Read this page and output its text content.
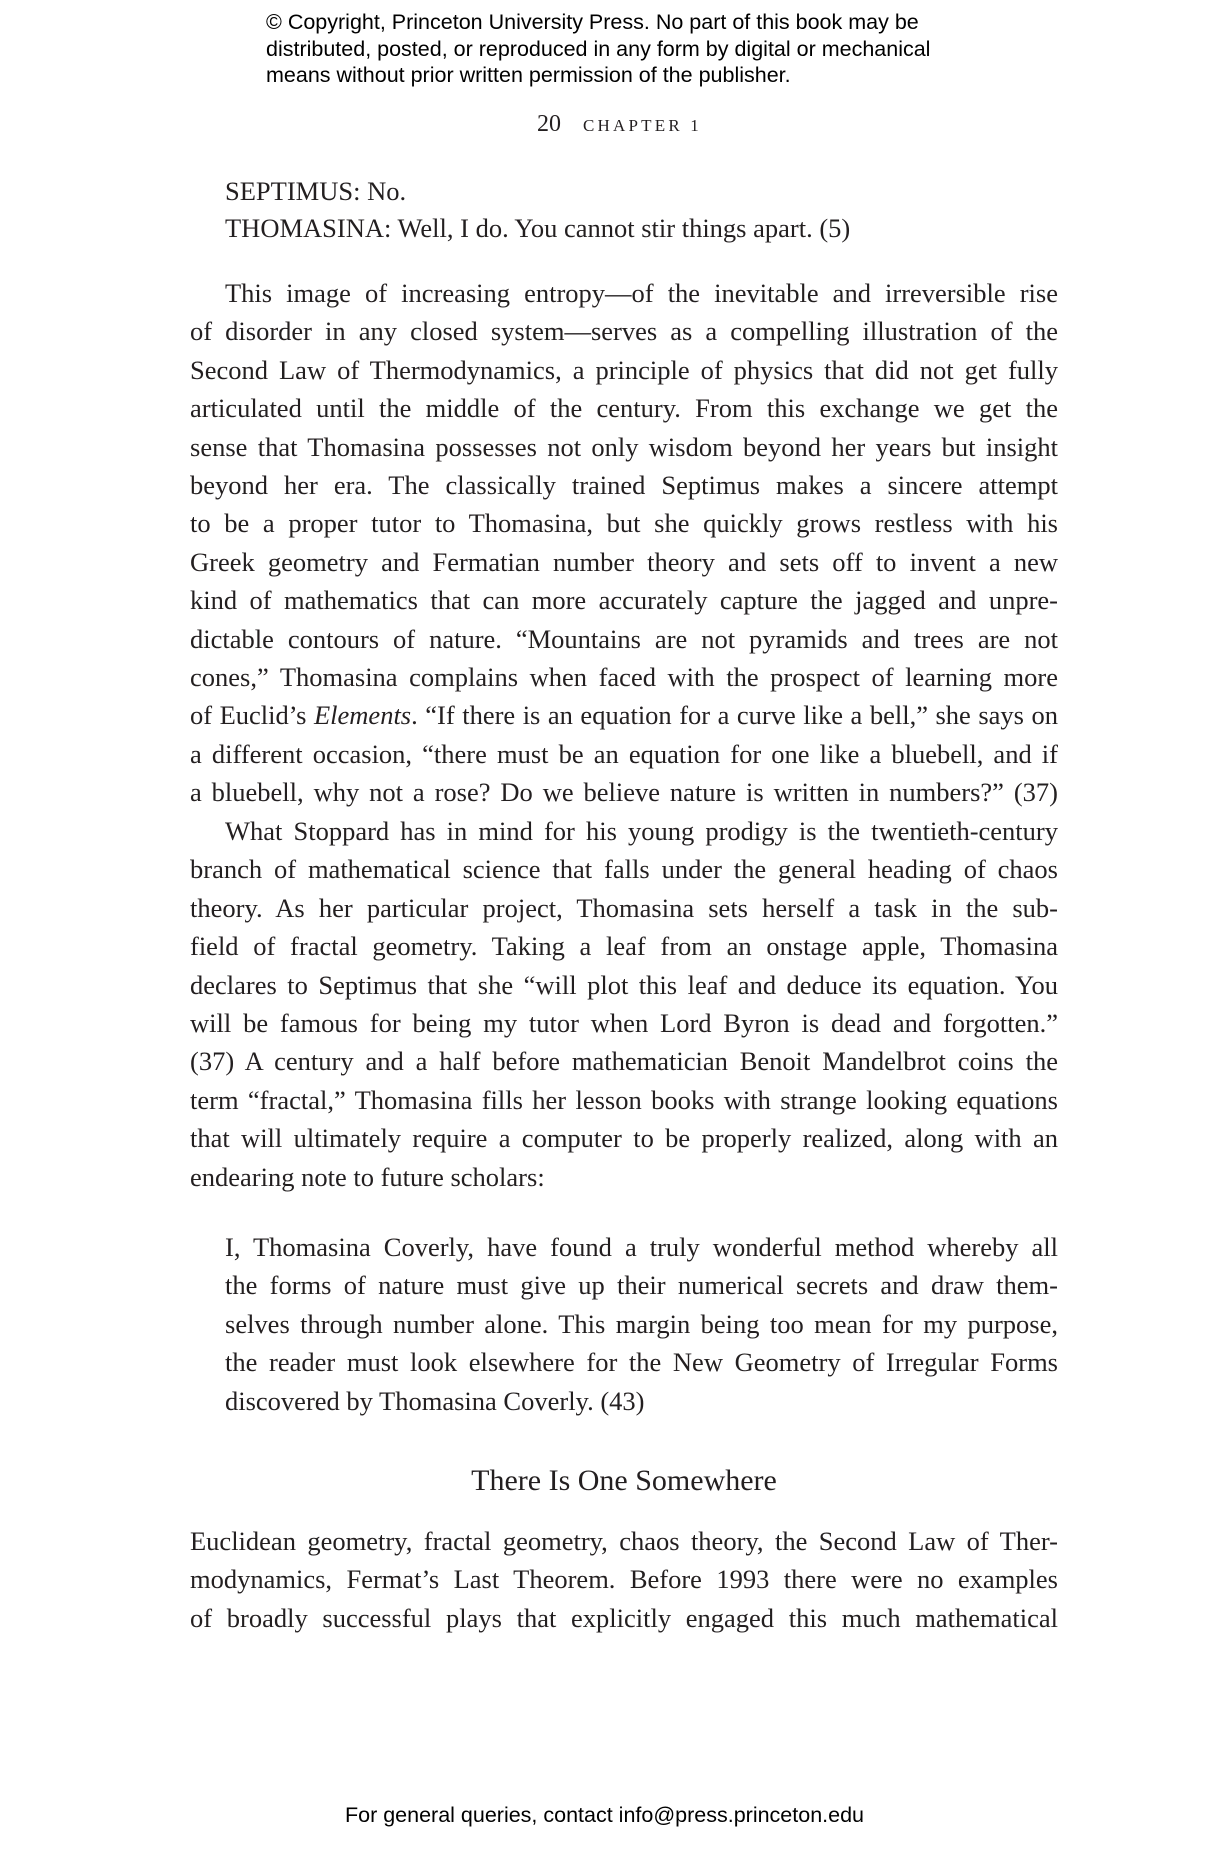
© Copyright, Princeton University Press. No part of this book may be
distributed, posted, or reproduced in any form by digital or mechanical
means without prior written permission of the publisher.
20 CHAPTER 1
SEPTIMUS: No.
THOMASINA: Well, I do. You cannot stir things apart. (5)
This image of increasing entropy—of the inevitable and irreversible rise
of disorder in any closed system—serves as a compelling illustration of the
Second Law of Thermodynamics, a principle of physics that did not get fully
articulated until the middle of the century. From this exchange we get the
sense that Thomasina possesses not only wisdom beyond her years but insight
beyond her era. The classically trained Septimus makes a sincere attempt
to be a proper tutor to Thomasina, but she quickly grows restless with his
Greek geometry and Fermatian number theory and sets off to invent a new
kind of mathematics that can more accurately capture the jagged and unpre-
dictable contours of nature. “Mountains are not pyramids and trees are not
cones,” Thomasina complains when faced with the prospect of learning more
of Euclid’s Elements. “If there is an equation for a curve like a bell,” she says on
a different occasion, “there must be an equation for one like a bluebell, and if
a bluebell, why not a rose? Do we believe nature is written in numbers?” (37)
What Stoppard has in mind for his young prodigy is the twentieth-century
branch of mathematical science that falls under the general heading of chaos
theory. As her particular project, Thomasina sets herself a task in the sub-
field of fractal geometry. Taking a leaf from an onstage apple, Thomasina
declares to Septimus that she “will plot this leaf and deduce its equation. You
will be famous for being my tutor when Lord Byron is dead and forgotten.”
(37) A century and a half before mathematician Benoit Mandelbrot coins the
term “fractal,” Thomasina fills her lesson books with strange looking equations
that will ultimately require a computer to be properly realized, along with an
endearing note to future scholars:
I, Thomasina Coverly, have found a truly wonderful method whereby all
the forms of nature must give up their numerical secrets and draw them-
selves through number alone. This margin being too mean for my purpose,
the reader must look elsewhere for the New Geometry of Irregular Forms
discovered by Thomasina Coverly. (43)
There Is One Somewhere
Euclidean geometry, fractal geometry, chaos theory, the Second Law of Ther-
modynamics, Fermat’s Last Theorem. Before 1993 there were no examples
of broadly successful plays that explicitly engaged this much mathematical
For general queries, contact info@press.princeton.edu
